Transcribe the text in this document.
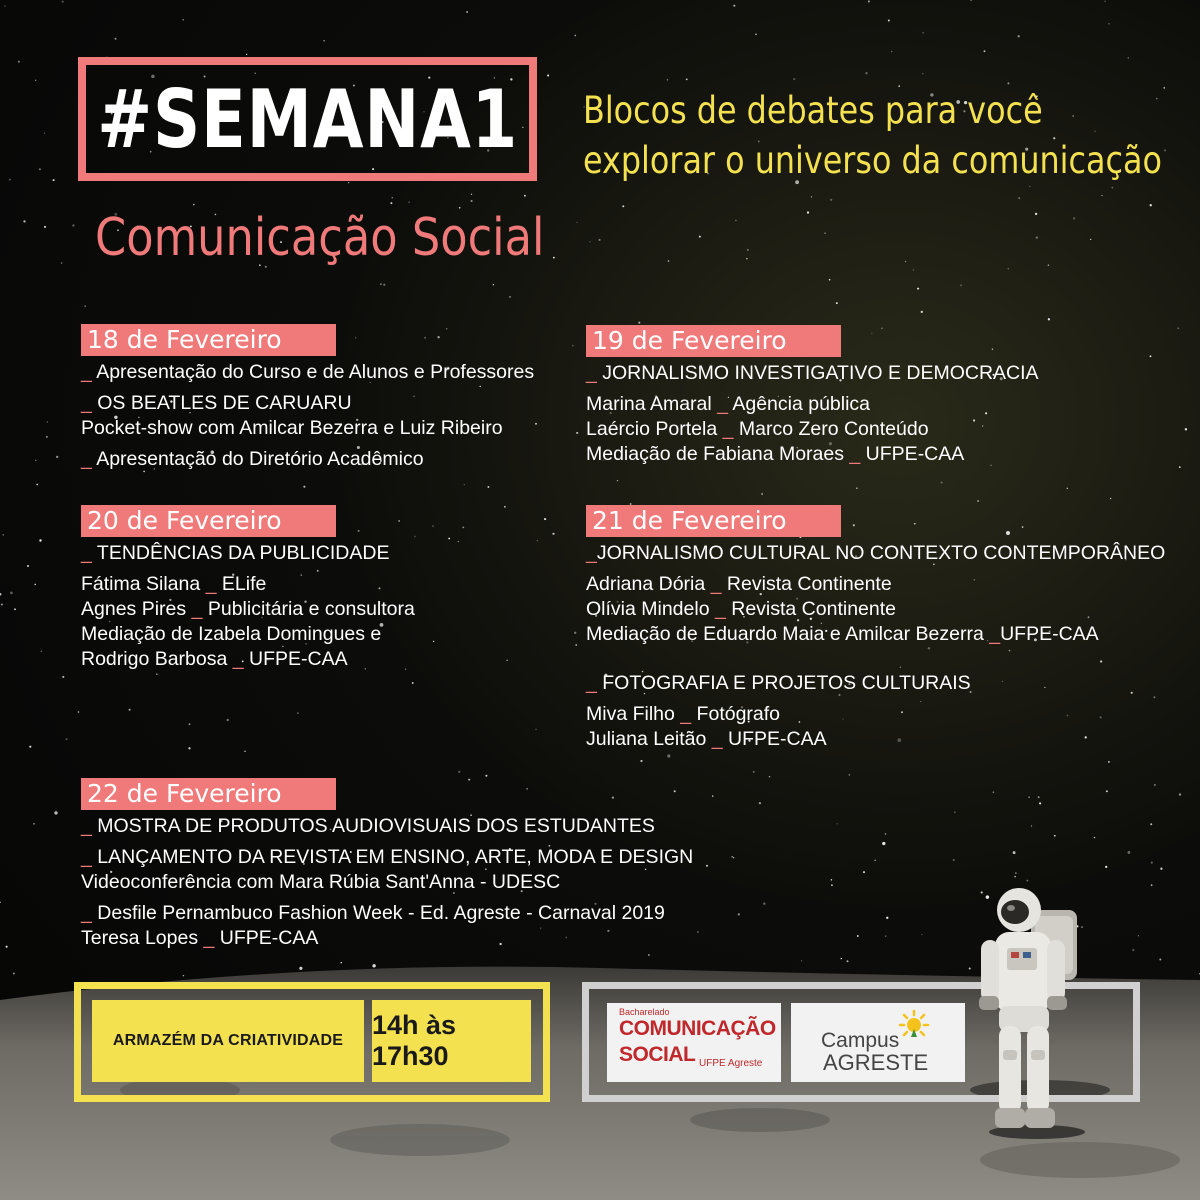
#SEMANA1
Comunicação Social
Blocos de debates para você
explorar o universo da comunicação
18 de Fevereiro
_ Apresentação do Curso e de Alunos e Professores
_ OS BEATLES DE CARUARU
Pocket-show com Amilcar Bezerra e Luiz Ribeiro
_ Apresentação do Diretório Acadêmico
19 de Fevereiro
_ JORNALISMO INVESTIGATIVO E DEMOCRACIA
Marina Amaral _ Agência pública
Laércio Portela _ Marco Zero Conteúdo
Mediação de Fabiana Moraes _ UFPE-CAA
20 de Fevereiro
_ TENDÊNCIAS DA PUBLICIDADE
Fátima Silana _ ELife
Agnes Pires _ Publicitária e consultora
Mediação de Izabela Domingues e
Rodrigo Barbosa _ UFPE-CAA
21 de Fevereiro
_JORNALISMO CULTURAL NO CONTEXTO CONTEMPORÂNEO
Adriana Dória _ Revista Continente
Olívia Mindelo _ Revista Continente
Mediação de Eduardo Maia e Amilcar Bezerra _UFPE-CAA
_ FOTOGRAFIA E PROJETOS CULTURAIS
Miva Filho _ Fotógrafo
Juliana Leitão _ UFPE-CAA
22 de Fevereiro
_ MOSTRA DE PRODUTOS AUDIOVISUAIS DOS ESTUDANTES
_ LANÇAMENTO DA REVISTA EM ENSINO, ARTE, MODA E DESIGN
Videoconferência com Mara Rúbia Sant'Anna - UDESC
_ Desfile Pernambuco Fashion Week - Ed. Agreste - Carnaval 2019
Teresa Lopes _ UFPE-CAA
ARMAZÉM DA CRIATIVIDADE
14h às 17h30
Bacharelado
COMUNICAÇÃO
SOCIAL UFPE Agreste
Campus
AGRESTE
